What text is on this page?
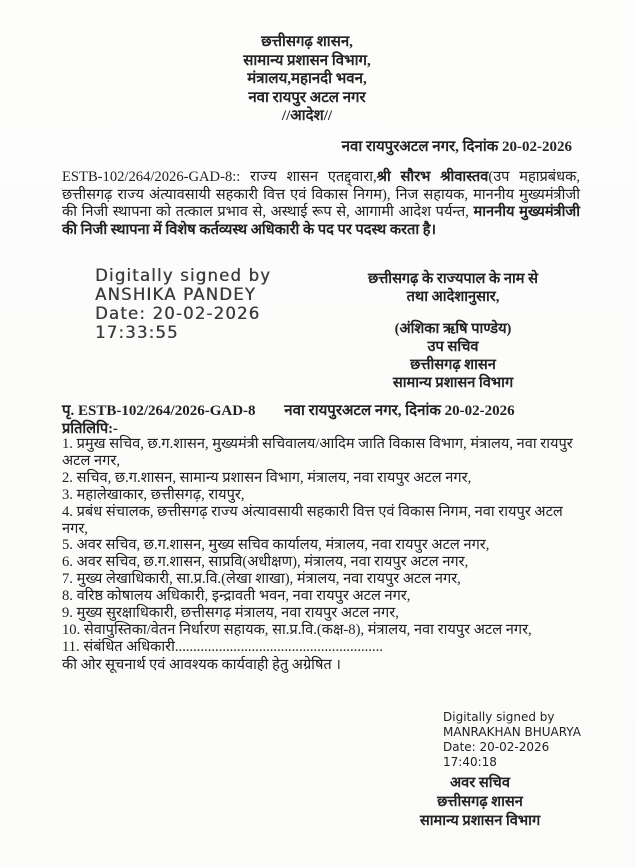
छत्तीसगढ़ शासन,
सामान्य प्रशासन विभाग,
मंत्रालय,महानदी भवन,
नवा रायपुर अटल नगर
//आदेश//
नवा रायपुरअटल नगर, दिनांक 20-02-2026

ESTB-102/264/2026-GAD-8:: राज्य शासन एतद्द्वारा,श्री सौरभ श्रीवास्तव(उप महाप्रबंधक, छत्तीसगढ़ राज्य अंत्यावसायी सहकारी वित्त एवं विकास निगम), निज सहायक, माननीय मुख्यमंत्रीजी की निजी स्थापना को तत्काल प्रभाव से, अस्थाई रूप से, आगामी आदेश पर्यन्त, माननीय मुख्यमंत्रीजी की निजी स्थापना में विशेष कर्तव्यस्थ अधिकारी के पद पर पदस्थ करता है।

Digitally signed by
ANSHIKA PANDEY
Date: 20-02-2026
17:33:55
छत्तीसगढ़ के राज्यपाल के नाम से
तथा आदेशानुसार,
(अंशिका ऋषि पाण्डेय)
उप सचिव
छत्तीसगढ़ शासन
सामान्य प्रशासन विभाग
पृ. ESTB-102/264/2026-GAD-8 नवा रायपुरअटल नगर, दिनांक 20-02-2026
प्रतिलिपि:-
1. प्रमुख सचिव, छ.ग.शासन, मुख्यमंत्री सचिवालय/आदिम जाति विकास विभाग, मंत्रालय, नवा रायपुर अटल नगर,
2. सचिव, छ.ग.शासन, सामान्य प्रशासन विभाग, मंत्रालय, नवा रायपुर अटल नगर,
3. महालेखाकार, छत्तीसगढ़, रायपुर,
4. प्रबंध संचालक, छत्तीसगढ़ राज्य अंत्यावसायी सहकारी वित्त एवं विकास निगम, नवा रायपुर अटल नगर,
5. अवर सचिव, छ.ग.शासन, मुख्य सचिव कार्यालय, मंत्रालय, नवा रायपुर अटल नगर,
6. अवर सचिव, छ.ग.शासन, साप्रवि(अधीक्षण), मंत्रालय, नवा रायपुर अटल नगर,
7. मुख्य लेखाधिकारी, सा.प्र.वि.(लेखा शाखा), मंत्रालय, नवा रायपुर अटल नगर,
8. वरिष्ठ कोषालय अधिकारी, इन्द्रावती भवन, नवा रायपुर अटल नगर,
9. मुख्य सुरक्षाधिकारी, छत्तीसगढ़ मंत्रालय, नवा रायपुर अटल नगर,
10. सेवापुस्तिका/वेतन निर्धारण सहायक, सा.प्र.वि.(कक्ष-8), मंत्रालय, नवा रायपुर अटल नगर,
11. संबंधित अधिकारी.........................................................
की ओर सूचनार्थ एवं आवश्यक कार्यवाही हेतु अग्रेषित ।
Digitally signed by
MANRAKHAN BHUARYA
Date: 20-02-2026
17:40:18
अवर सचिव
छत्तीसगढ़ शासन
सामान्य प्रशासन विभाग
